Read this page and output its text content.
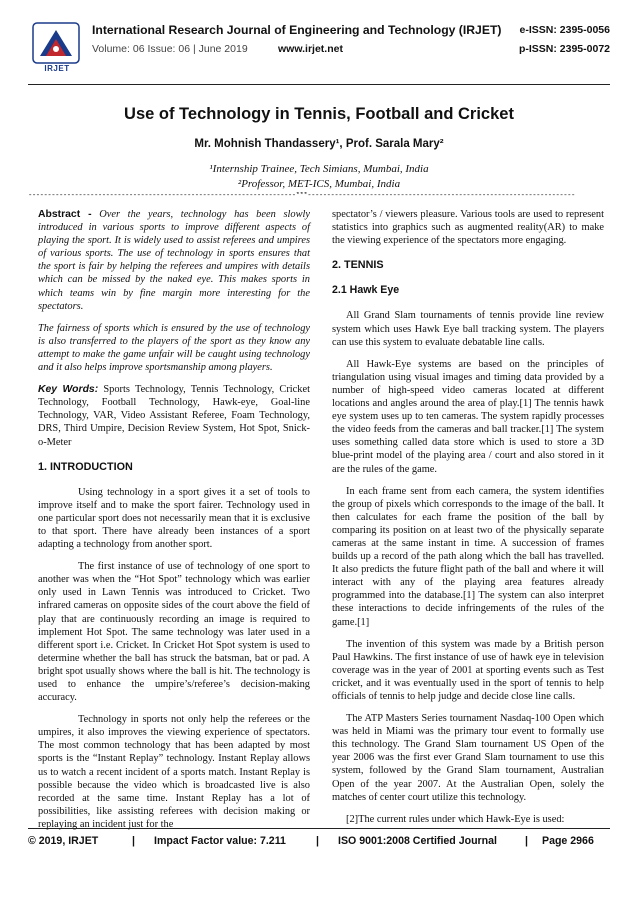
IRJET
International Research Journal of Engineering and Technology (IRJET)
Volume: 06 Issue: 06 | June 2019	www.irjet.net
e-ISSN: 2395-0056
p-ISSN: 2395-0072
Use of Technology in Tennis, Football and Cricket
Mr. Mohnish Thandassery¹, Prof. Sarala Mary²
¹Internship Trainee, Tech Simians, Mumbai, India
²Professor, MET-ICS, Mumbai, India
---------------------------------------------------------------------***---------------------------------------------------------------------

Abstract - Over the years, technology has been slowly introduced in various sports to improve different aspects of playing the sport. It is widely used to assist referees and umpires of various sports. The use of technology in sports ensures that the sport is fair by helping the referees and umpires with details which can be missed by the naked eye. This makes sports in which teams win by fine margin more interesting for the spectators.

The fairness of sports which is ensured by the use of technology is also transferred to the players of the sport as they know any attempt to make the game unfair will be caught using technology and it also helps improve sportsmanship among players.

Key Words: Sports Technology, Tennis Technology, Cricket Technology, Football Technology, Hawk-eye, Goal-line Technology, VAR, Video Assistant Referee, Foam Technology, DRS, Third Umpire, Decision Review System, Hot Spot, Snick-o-Meter

1. INTRODUCTION

Using technology in a sport gives it a set of tools to improve itself and to make the sport fairer. Technology used in one particular sport does not necessarily mean that it is exclusive to that sport. There have already been instances of a sport adapting a technology from another sport.

The first instance of use of technology of one sport to another was when the “Hot Spot” technology which was earlier only used in Lawn Tennis was introduced to Cricket. Two infrared cameras on opposite sides of the court above the field of play that are continuously recording an image is required to implement Hot Spot. The same technology was later used in a different sport i.e. Cricket. In Cricket Hot Spot system is used to determine whether the ball has struck the batsman, bat or pad. A bright spot usually shows where the ball is hit. The technology is used to enhance the umpire’s/referee’s decision-making accuracy.

Technology in sports not only help the referees or the umpires, it also improves the viewing experience of spectators. The most common technology that has been adapted by most sports is the “Instant Replay” technology. Instant Replay allows us to watch a recent incident of a sports match. Instant Replay is possible because the video which is broadcasted live is also recorded at the same time. Instant Replay has a lot of possibilities, like assisting referees with decision making or replaying an incident just for the

spectator’s / viewers pleasure. Various tools are used to represent statistics into graphics such as augmented reality(AR) to make the viewing experience of the spectators more engaging.

2. TENNIS
2.1 Hawk Eye

All Grand Slam tournaments of tennis provide line review system which uses Hawk Eye ball tracking system. The players can use this system to evaluate debatable line calls.

All Hawk-Eye systems are based on the principles of triangulation using visual images and timing data provided by a number of high-speed video cameras located at different locations and angles around the area of play.[1] The tennis hawk eye system uses up to ten cameras. The system rapidly processes the video feeds from the cameras and ball tracker.[1] The system uses something called data store which is used to store a 3D blue-print model of the playing area / court and also stored in it are the rules of the game.

In each frame sent from each camera, the system identifies the group of pixels which corresponds to the image of the ball. It then calculates for each frame the position of the ball by comparing its position on at least two of the physically separate cameras at the same instant in time. A succession of frames builds up a record of the path along which the ball has travelled. It also predicts the future flight path of the ball and where it will interact with any of the playing area features already programmed into the database.[1] The system can also interpret these interactions to decide infringements of the rules of the game.[1]

The invention of this system was made by a British person Paul Hawkins. The first instance of use of hawk eye in television coverage was in the year of 2001 at sporting events such as Test cricket, and it was eventually used in the sport of tennis to help officials of tennis to help judge and decide close line calls.

The ATP Masters Series tournament Nasdaq-100 Open which was held in Miami was the primary tour event to formally use this technology. The Grand Slam tournament US Open of the year 2006 was the first ever Grand Slam tournament to use this system, followed by the Grand Slam tournament, Australian Open of the year 2007. At the Australian Open, solely the matches of center court utilize this technology.

[2]The current rules under which Hawk-Eye is used:

© 2019, IRJET	| Impact Factor value: 7.211	| ISO 9001:2008 Certified Journal	| Page 2966
